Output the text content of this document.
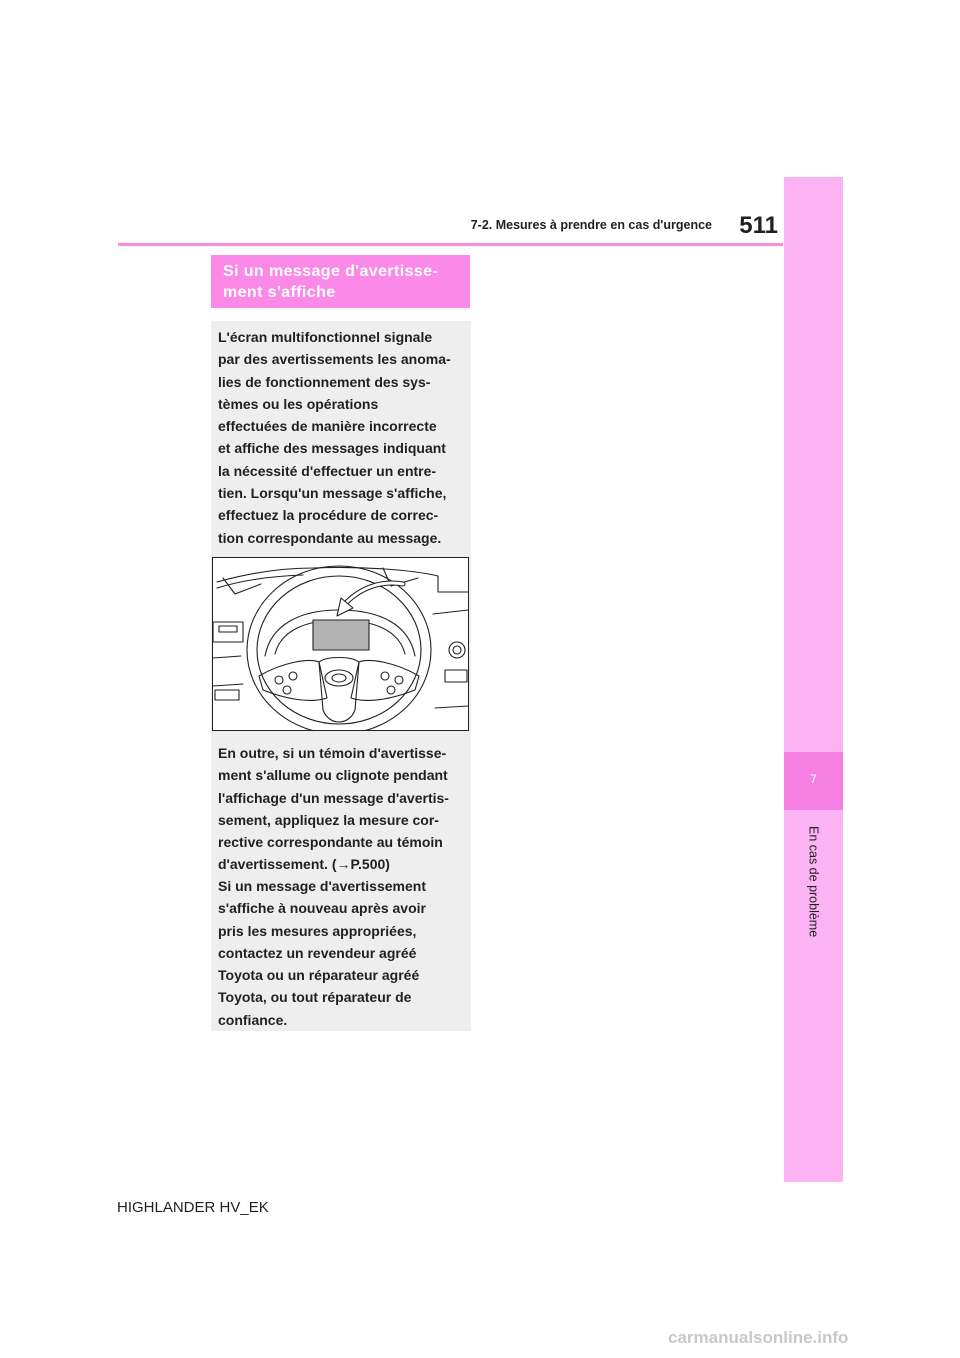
7-2. Mesures à prendre en cas d'urgence	511
7
En cas de problème
Si un message d'avertisse-
ment s'affiche
L'écran multifonctionnel signale
par des avertissements les anoma-
lies de fonctionnement des sys-
tèmes ou les opérations
effectuées de manière incorrecte
et affiche des messages indiquant
la nécessité d'effectuer un entre-
tien. Lorsqu'un message s'affiche,
effectuez la procédure de correc-
tion correspondante au message.
En outre, si un témoin d'avertisse-
ment s'allume ou clignote pendant
l'affichage d'un message d'avertis-
sement, appliquez la mesure cor-
rective correspondante au témoin
d'avertissement. (→P.500)
Si un message d'avertissement
s'affiche à nouveau après avoir
pris les mesures appropriées,
contactez un revendeur agréé
Toyota ou un réparateur agréé
Toyota, ou tout réparateur de
confiance.
HIGHLANDER HV_EK
carmanualsonline.info
